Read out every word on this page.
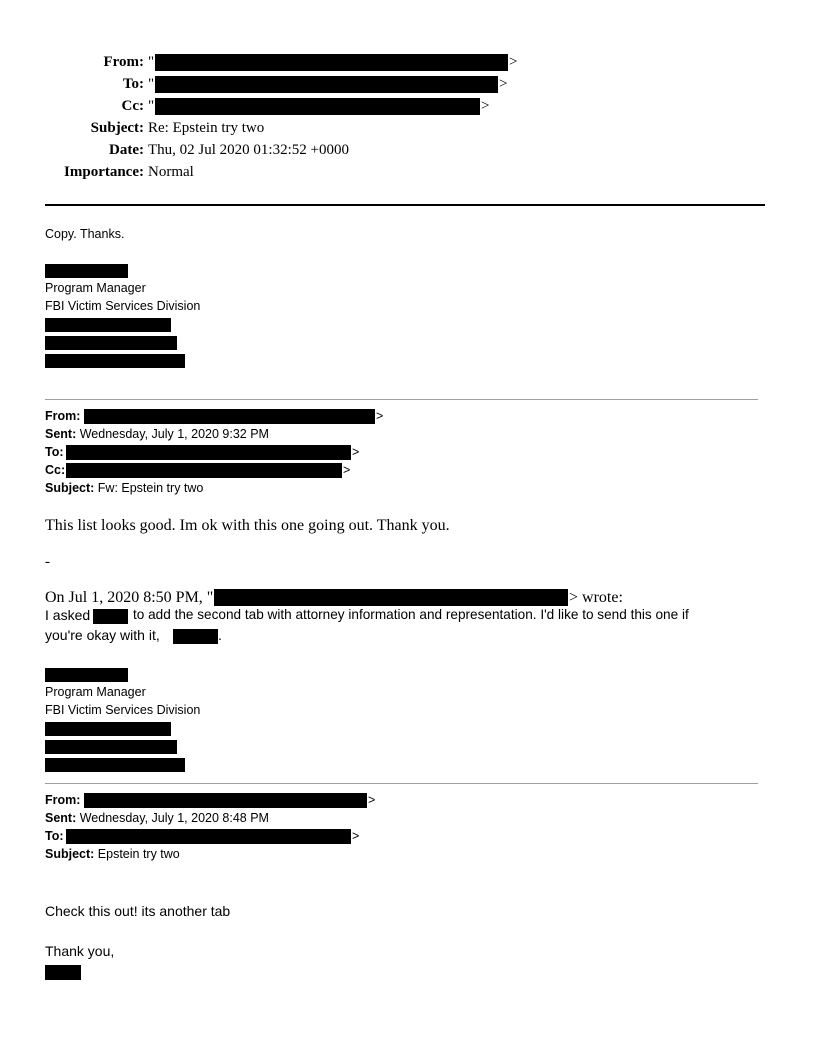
From: "	>
To: "	>
Cc: "	>
Subject: Re: Epstein try two
Date: Thu, 02 Jul 2020 01:32:52 +0000
Importance: Normal
Copy. Thanks.
Program Manager
FBI Victim Services Division
From:	>
Sent: Wednesday, July 1, 2020 9:32 PM
To:	>
Cc:	>
Subject: Fw: Epstein try two
This list looks good. Im ok with this one going out. Thank you.
-
On Jul 1, 2020 8:50 PM, "	> wrote:
I asked	to add the second tab with attorney information and representation. I'd like to send this one if
you're okay with it,	.
Program Manager
FBI Victim Services Division
From:	>
Sent: Wednesday, July 1, 2020 8:48 PM
To:	>
Subject: Epstein try two
Check this out! its another tab
Thank you,
